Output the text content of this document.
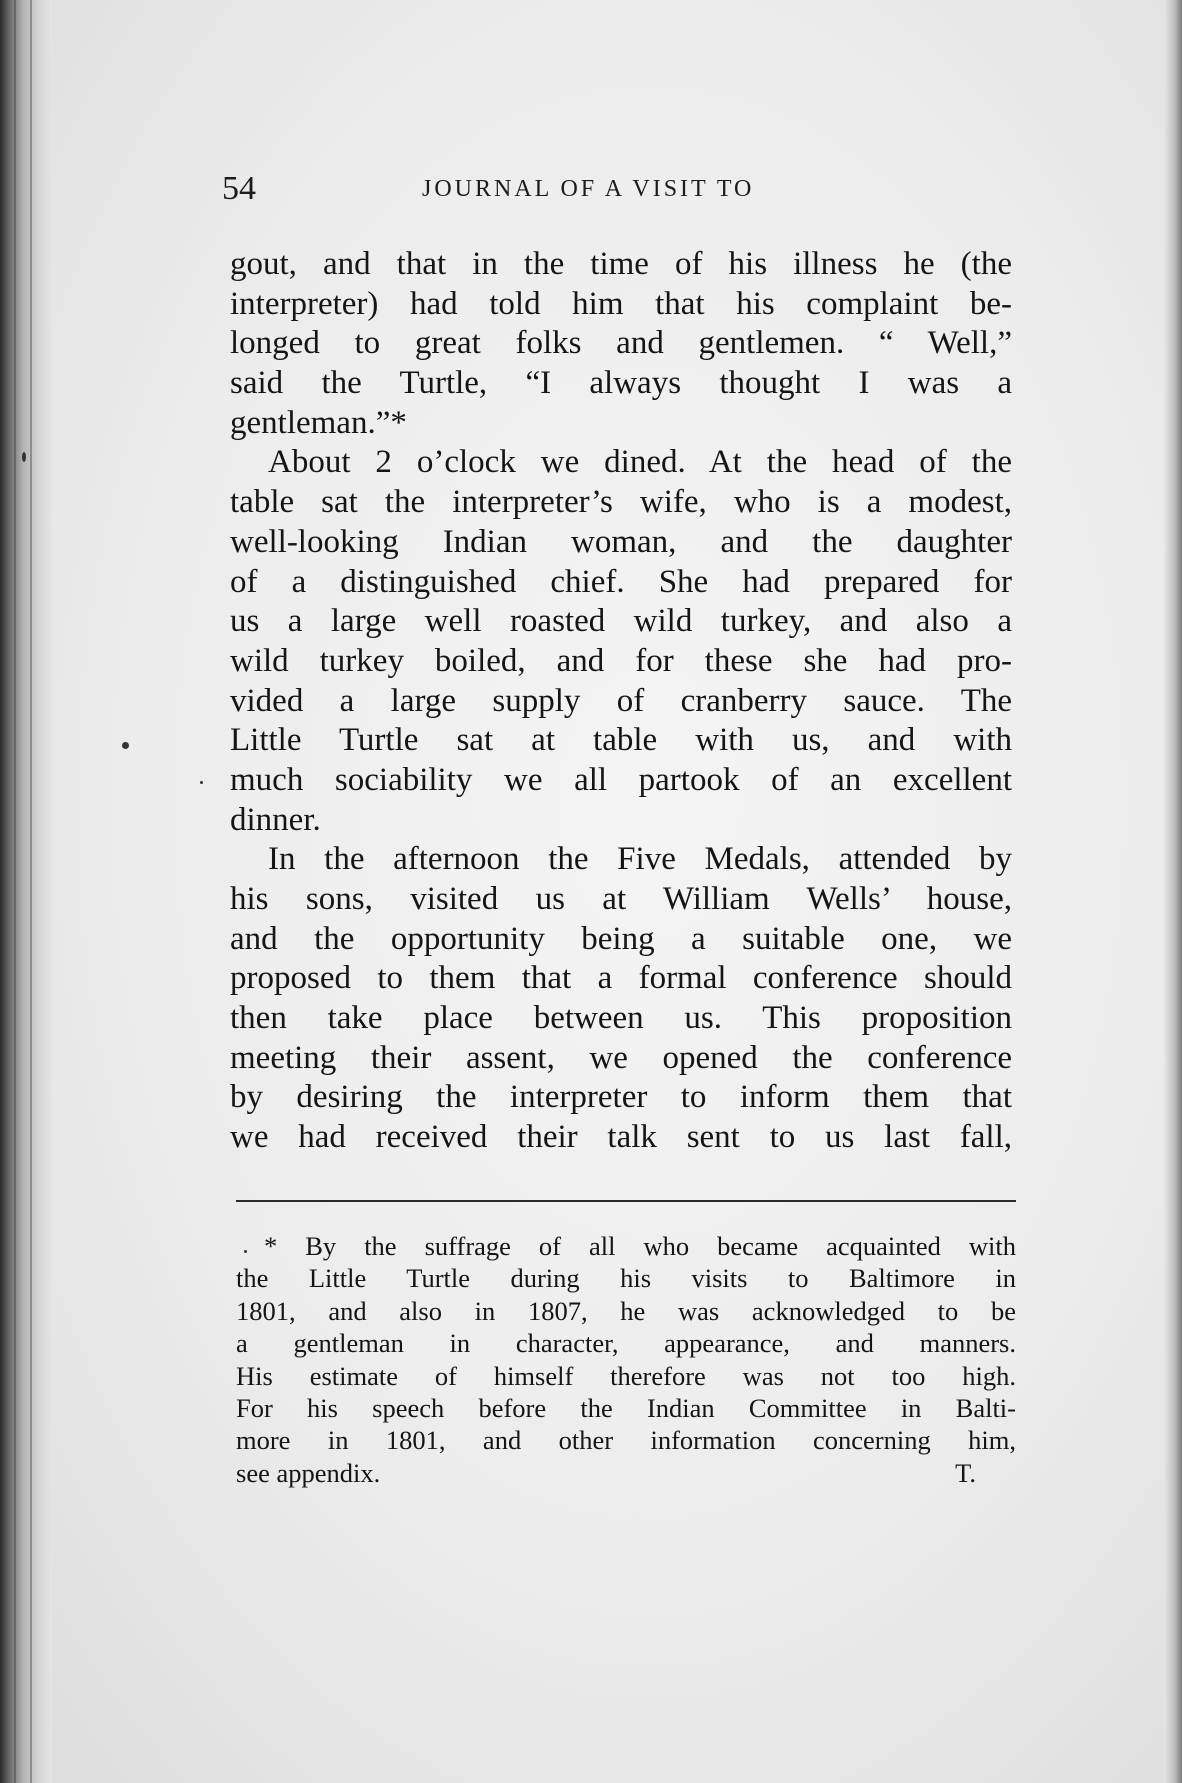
54	JOURNAL OF A VISIT TO
gout, and that in the time of his illness he (the
interpreter) had told him that his complaint be-
longed to great folks and gentlemen. “ Well,”
said the Turtle, “I always thought I was a
gentleman.”*
About 2 o’clock we dined. At the head of the
table sat the interpreter’s wife, who is a modest,
well-looking Indian woman, and the daughter
of a distinguished chief. She had prepared for
us a large well roasted wild turkey, and also a
wild turkey boiled, and for these she had pro-
vided a large supply of cranberry sauce. The
Little Turtle sat at table with us, and with
much sociability we all partook of an excellent
dinner.
In the afternoon the Five Medals, attended by
his sons, visited us at William Wells’ house,
and the opportunity being a suitable one, we
proposed to them that a formal conference should
then take place between us. This proposition
meeting their assent, we opened the conference
by desiring the interpreter to inform them that
we had received their talk sent to us last fall,
* By the suffrage of all who became acquainted with
the Little Turtle during his visits to Baltimore in
1801, and also in 1807, he was acknowledged to be
a gentleman in character, appearance, and manners.
His estimate of himself therefore was not too high.
For his speech before the Indian Committee in Balti-
more in 1801, and other information concerning him,
see appendix.	T.
